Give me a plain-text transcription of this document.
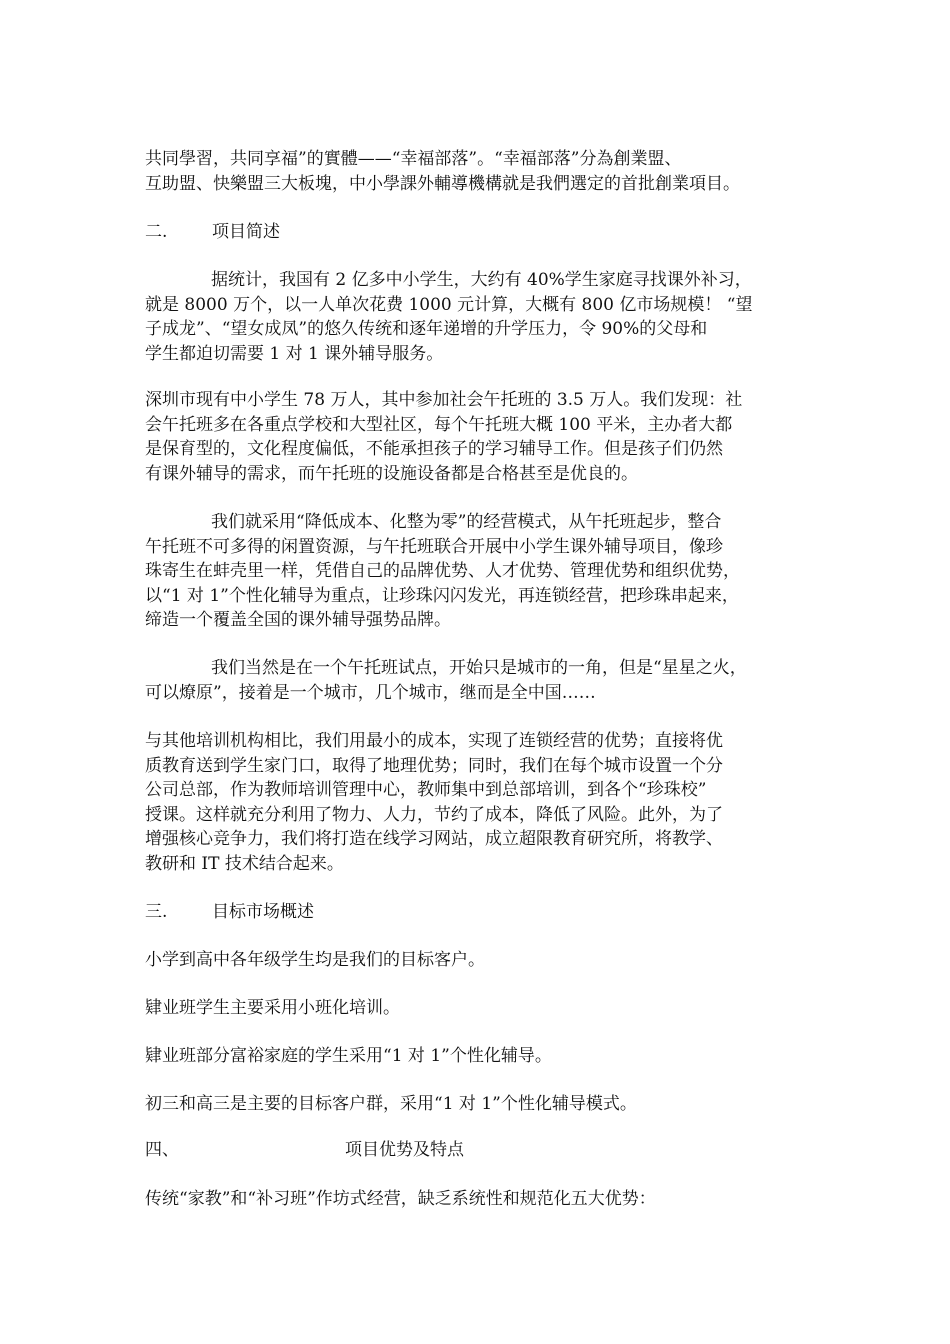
共同學習，共同享福”的實體——“幸福部落”。“幸福部落”分為創業盟、
互助盟、快樂盟三大板塊，中小學課外輔導機構就是我們選定的首批創業項目。

二.	项目简述

据统计，我国有 2 亿多中小学生，大约有 40%学生家庭寻找课外补习，
就是 8000 万个，以一人单次花费 1000 元计算，大概有 800 亿市场规模！ “望
子成龙”、“望女成凤”的悠久传统和逐年递增的升学压力，令 90%的父母和
学生都迫切需要 1 对 1 课外辅导服务。

深圳市现有中小学生 78 万人，其中参加社会午托班的 3.5 万人。我们发现：社
会午托班多在各重点学校和大型社区，每个午托班大概 100 平米，主办者大都
是保育型的，文化程度偏低，不能承担孩子的学习辅导工作。但是孩子们仍然
有课外辅导的需求，而午托班的设施设备都是合格甚至是优良的。

我们就采用“降低成本、化整为零”的经营模式，从午托班起步，整合
午托班不可多得的闲置资源，与午托班联合开展中小学生课外辅导项目，像珍
珠寄生在蚌壳里一样，凭借自己的品牌优势、人才优势、管理优势和组织优势，
以“1 对 1”个性化辅导为重点，让珍珠闪闪发光，再连锁经营，把珍珠串起来，
缔造一个覆盖全国的课外辅导强势品牌。

我们当然是在一个午托班试点，开始只是城市的一角，但是“星星之火，
可以燎原”，接着是一个城市，几个城市，继而是全中国……

与其他培训机构相比，我们用最小的成本，实现了连锁经营的优势；直接将优
质教育送到学生家门口，取得了地理优势；同时，我们在每个城市设置一个分
公司总部，作为教师培训管理中心，教师集中到总部培训，到各个“珍珠校”
授课。这样就充分利用了物力、人力，节约了成本，降低了风险。此外，为了
增强核心竞争力，我们将打造在线学习网站，成立超限教育研究所，将教学、
教研和 IT 技术结合起来。

三.	目标市场概述

小学到高中各年级学生均是我们的目标客户。

肄业班学生主要采用小班化培训。

肄业班部分富裕家庭的学生采用“1 对 1”个性化辅导。

初三和高三是主要的目标客户群，采用“1 对 1”个性化辅导模式。

四、	项目优势及特点

传统“家教”和“补习班”作坊式经营，缺乏系统性和规范化五大优势：
